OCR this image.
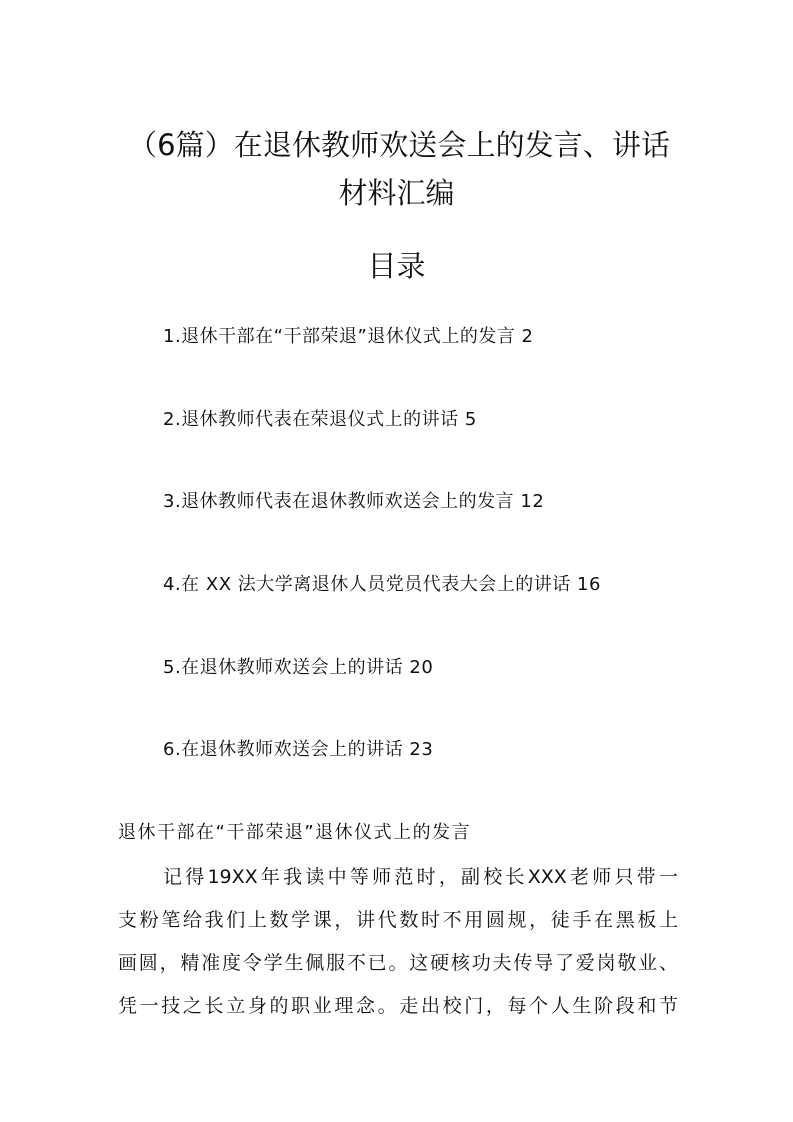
（6篇）在退休教师欢送会上的发言、讲话
材料汇编
目录
1.退休干部在“干部荣退”退休仪式上的发言 2
2.退休教师代表在荣退仪式上的讲话 5
3.退休教师代表在退休教师欢送会上的发言 12
4.在 XX 法大学离退休人员党员代表大会上的讲话 16
5.在退休教师欢送会上的讲话 20
6.在退休教师欢送会上的讲话 23
退休干部在“干部荣退”退休仪式上的发言
记得19XX年我读中等师范时，副校长XXX老师只带一
支粉笔给我们上数学课，讲代数时不用圆规，徒手在黑板上
画圆，精准度令学生佩服不已。这硬核功夫传导了爱岗敬业、
凭一技之长立身的职业理念。走出校门，每个人生阶段和节
